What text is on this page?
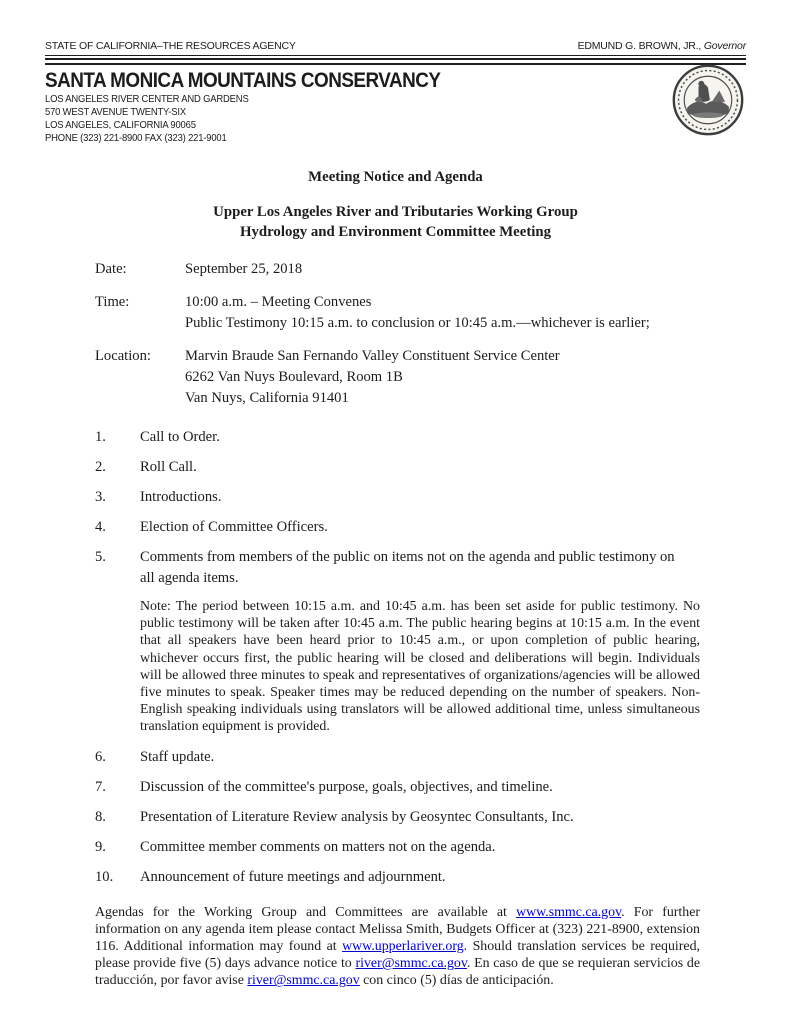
STATE OF CALIFORNIA–THE RESOURCES AGENCY	EDMUND G. BROWN, JR., Governor
SANTA MONICA MOUNTAINS CONSERVANCY
LOS ANGELES RIVER CENTER AND GARDENS
570 WEST AVENUE TWENTY-SIX
LOS ANGELES, CALIFORNIA 90065
PHONE (323) 221-8900 FAX (323) 221-9001
Meeting Notice and Agenda
Upper Los Angeles River and Tributaries Working Group
Hydrology and Environment Committee Meeting
Date:	September 25, 2018
Time:	10:00 a.m. – Meeting Convenes
Public Testimony 10:15 a.m. to conclusion or 10:45 a.m.—whichever is earlier;
Location:	Marvin Braude San Fernando Valley Constituent Service Center
6262 Van Nuys Boulevard, Room 1B
Van Nuys, California 91401
1.	Call to Order.
2.	Roll Call.
3.	Introductions.
4.	Election of Committee Officers.
5.	Comments from members of the public on items not on the agenda and public testimony on all agenda items.
Note: The period between 10:15 a.m. and 10:45 a.m. has been set aside for public testimony. No public testimony will be taken after 10:45 a.m. The public hearing begins at 10:15 a.m. In the event that all speakers have been heard prior to 10:45 a.m., or upon completion of public hearing, whichever occurs first, the public hearing will be closed and deliberations will begin. Individuals will be allowed three minutes to speak and representatives of organizations/agencies will be allowed five minutes to speak. Speaker times may be reduced depending on the number of speakers. Non-English speaking individuals using translators will be allowed additional time, unless simultaneous translation equipment is provided.
6.	Staff update.
7.	Discussion of the committee's purpose, goals, objectives, and timeline.
8.	Presentation of Literature Review analysis by Geosyntec Consultants, Inc.
9.	Committee member comments on matters not on the agenda.
10.	Announcement of future meetings and adjournment.
Agendas for the Working Group and Committees are available at www.smmc.ca.gov. For further information on any agenda item please contact Melissa Smith, Budgets Officer at (323) 221-8900, extension 116. Additional information may found at www.upperlariver.org. Should translation services be required, please provide five (5) days advance notice to river@smmc.ca.gov. En caso de que se requieran servicios de traducción, por favor avise river@smmc.ca.gov con cinco (5) días de anticipación.
